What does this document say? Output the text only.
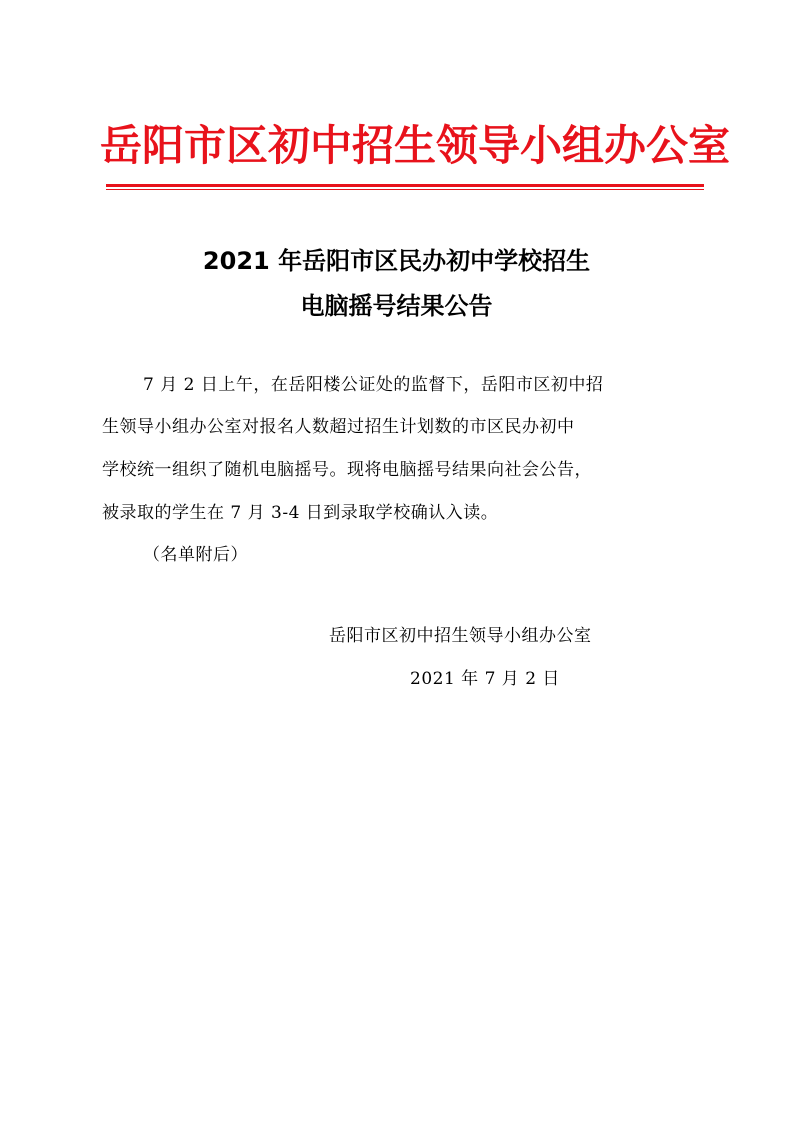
岳阳市区初中招生领导小组办公室
2021 年岳阳市区民办初中学校招生
电脑摇号结果公告
7 月 2 日上午，在岳阳楼公证处的监督下，岳阳市区初中招
生领导小组办公室对报名人数超过招生计划数的市区民办初中
学校统一组织了随机电脑摇号。现将电脑摇号结果向社会公告，
被录取的学生在 7 月 3-4 日到录取学校确认入读。
（名单附后）
岳阳市区初中招生领导小组办公室
2021 年 7 月 2 日
